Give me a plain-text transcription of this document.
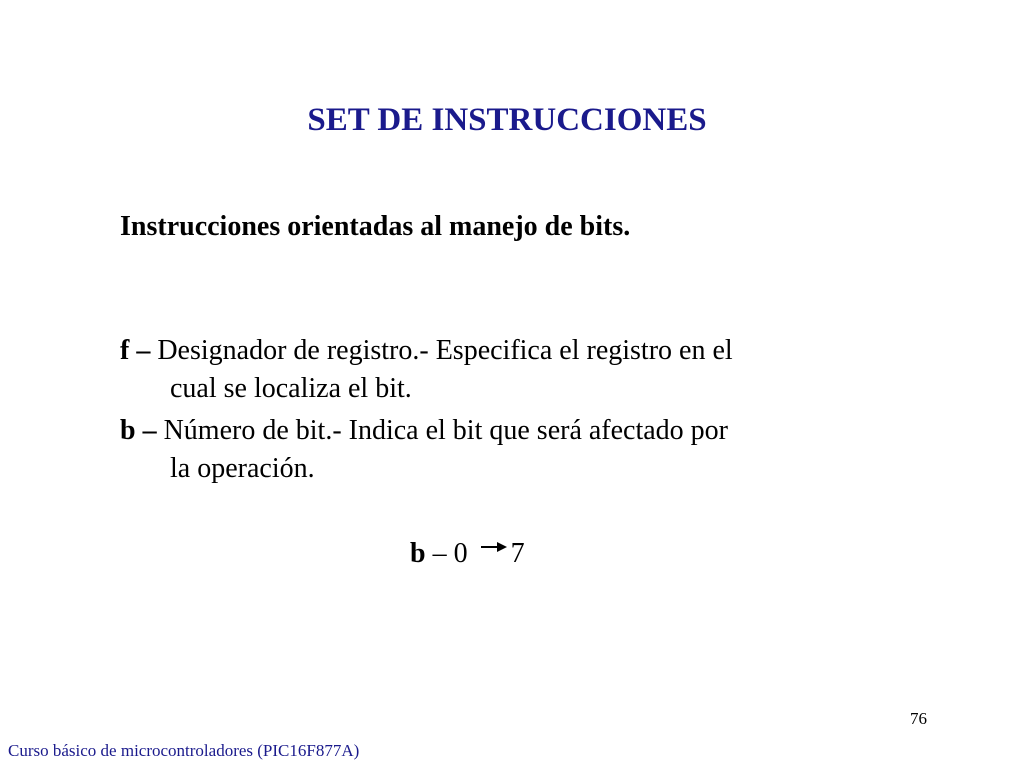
SET DE INSTRUCCIONES

Instrucciones orientadas al manejo de bits.

f – Designador de registro.- Especifica el registro en el
cual se localiza el bit.

b – Número de bit.- Indica el bit que será afectado por
la operación.

b – 0
7
76
Curso básico de microcontroladores (PIC16F877A)
